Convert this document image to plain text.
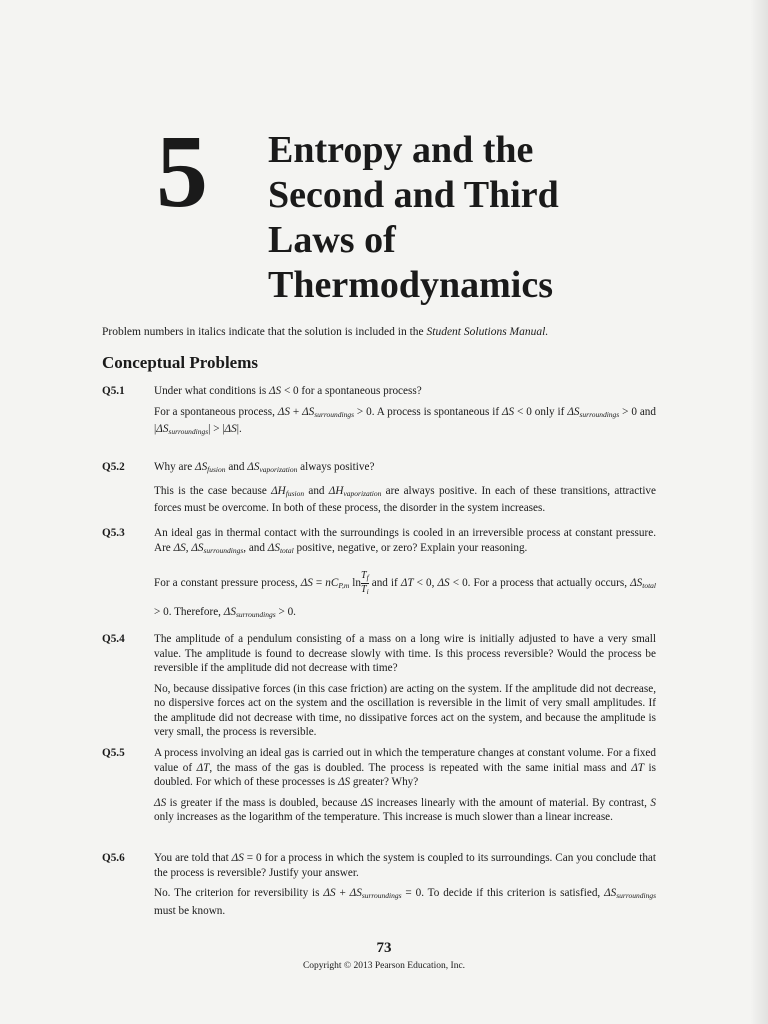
5 Entropy and the
Second and Third
Laws of
Thermodynamics
Problem numbers in italics indicate that the solution is included in the Student Solutions Manual.
Conceptual Problems
Q5.1	Under what conditions is ΔS < 0 for a spontaneous process?

For a spontaneous process, $\Delta S + \Delta S_{surroundings} > 0$. A process is spontaneous if ΔS < 0 only if $\Delta S_{surroundings} > 0$ and $|\Delta S_{surroundings}| > |\Delta S|$.

Q5.2	Why are $\Delta S_{fusion}$ and $\Delta S_{vaporization}$ always positive?

This is the case because $\Delta H_{fusion}$ and $\Delta H_{vaporization}$ are always positive. In each of these transitions, attractive forces must be overcome. In both of these process, the disorder in the system increases.

Q5.3	An ideal gas in thermal contact with the surroundings is cooled in an irreversible process at constant pressure. Are ΔS, $\Delta S_{surroundings}$, and $\Delta S_{total}$ positive, negative, or zero? Explain your reasoning.

For a constant pressure process, $\Delta S = nC_{P,m}$ $\ln \frac{T_f}{T_i}$ and if ΔT < 0, ΔS < 0. For a process that actually occurs, $\Delta S_{total} > 0$. Therefore, $\Delta S_{surroundings} > 0$.

Q5.4	The amplitude of a pendulum consisting of a mass on a long wire is initially adjusted to have a very small value. The amplitude is found to decrease slowly with time. Is this process reversible? Would the process be reversible if the amplitude did not decrease with time?

No, because dissipative forces (in this case friction) are acting on the system. If the amplitude did not decrease, no dispersive forces act on the system and the oscillation is reversible in the limit of very small amplitudes. If the amplitude did not decrease with time, no dissipative forces act on the system, and because the amplitude is very small, the process is reversible.

Q5.5	A process involving an ideal gas is carried out in which the temperature changes at constant volume. For a fixed value of ΔT, the mass of the gas is doubled. The process is repeated with the same initial mass and ΔT is doubled. For which of these processes is ΔS greater? Why?

ΔS is greater if the mass is doubled, because ΔS increases linearly with the amount of material. By contrast, S only increases as the logarithm of the temperature. This increase is much slower than a linear increase.

Q5.6	You are told that ΔS = 0 for a process in which the system is coupled to its surroundings. Can you conclude that the process is reversible? Justify your answer.

No. The criterion for reversibility is $\Delta S + \Delta S_{surroundings} = 0$. To decide if this criterion is satisfied, $\Delta S_{surroundings}$ must be known.

73
Copyright © 2013 Pearson Education, Inc.
